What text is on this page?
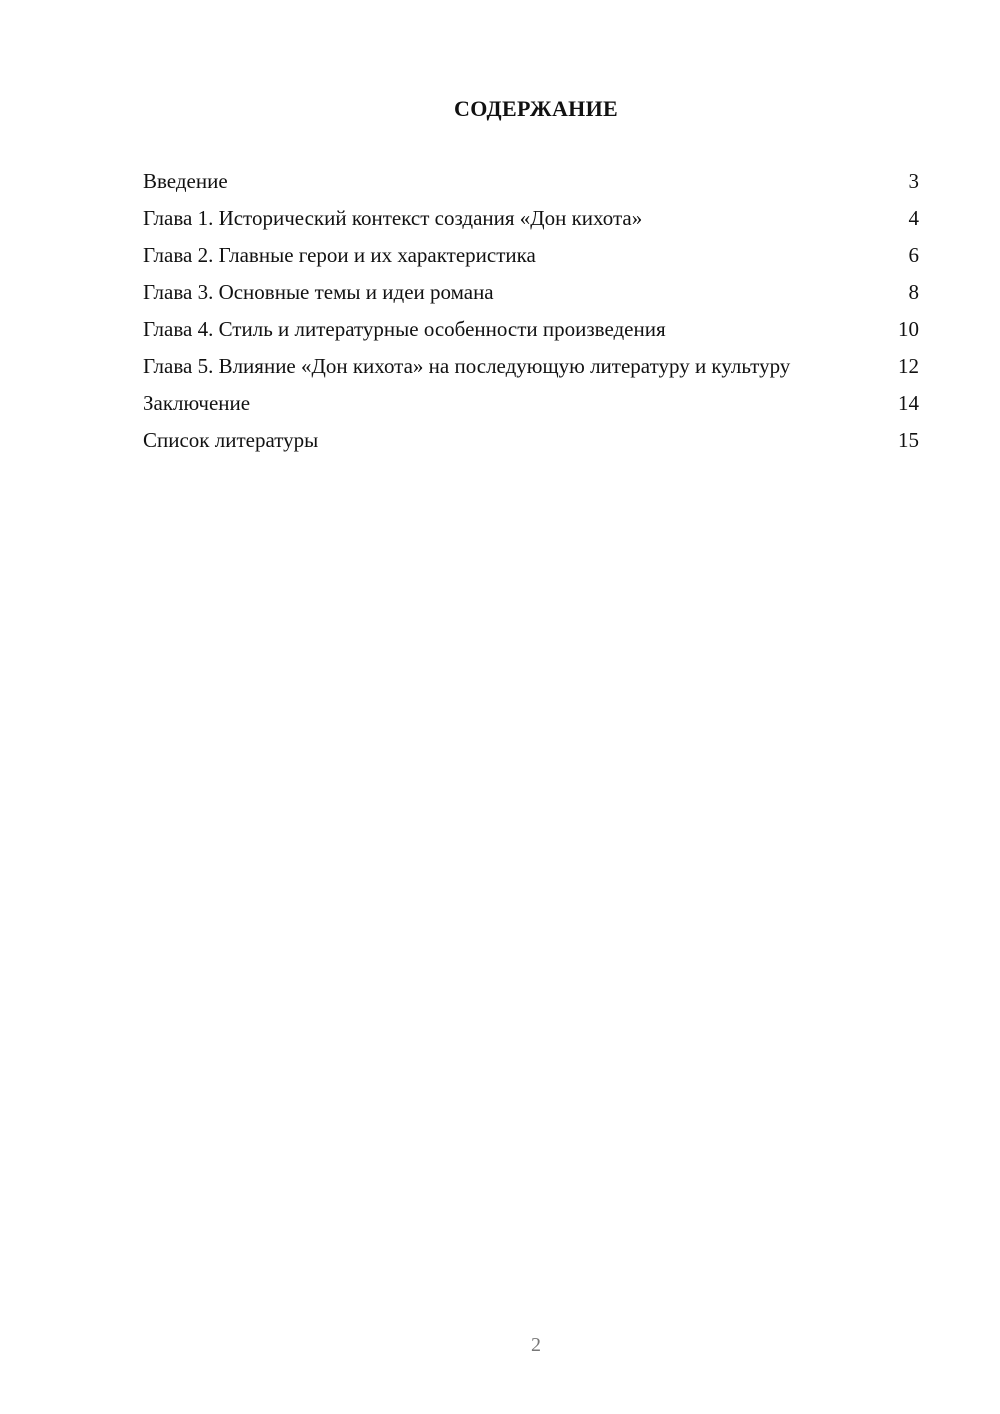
СОДЕРЖАНИЕ
Введение	3
Глава 1. Исторический контекст создания «Дон кихота»	4
Глава 2. Главные герои и их характеристика	6
Глава 3. Основные темы и идеи романа	8
Глава 4. Стиль и литературные особенности произведения	10
Глава 5. Влияние «Дон кихота» на последующую литературу и культуру	12
Заключение	14
Список литературы	15
2
